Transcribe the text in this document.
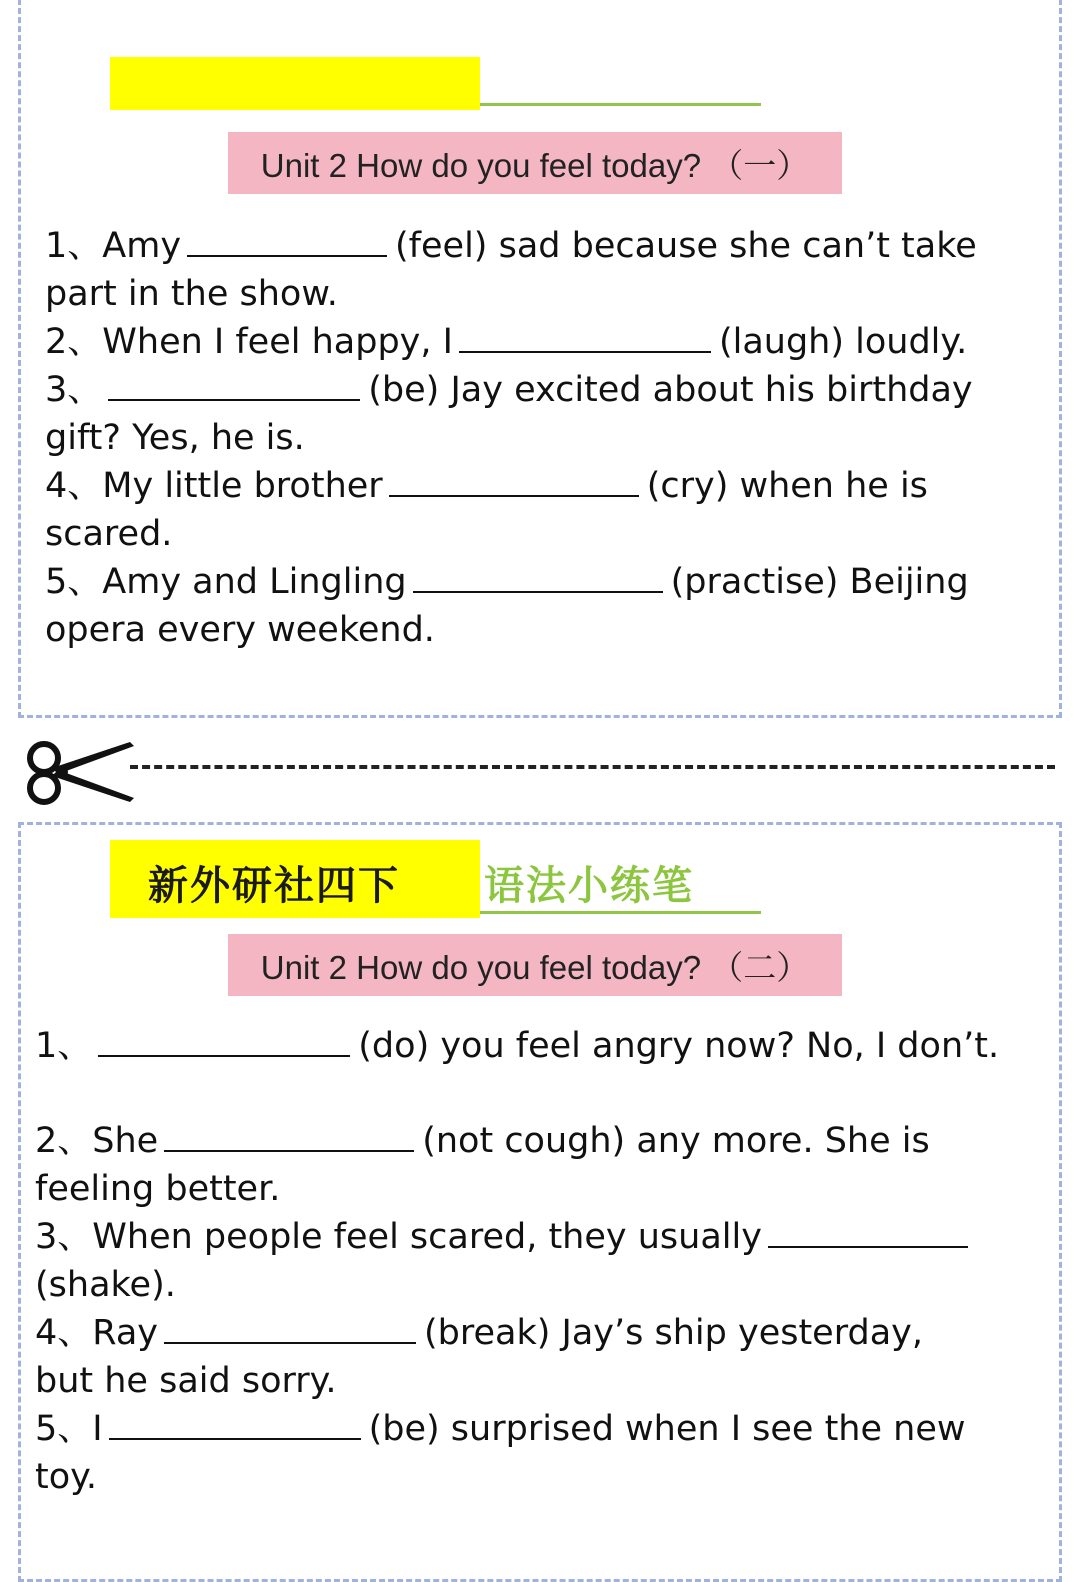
Unit 2 How do you feel today? （一）
1、Amy	(feel) sad because she can’t take
part in the show.
2、When I feel happy, I	(laugh) loudly.
3、	(be) Jay excited about his birthday
gift? Yes, he is.
4、My little brother	(cry) when he is
scared.
5、Amy and Lingling	(practise) Beijing
opera every weekend.
新外研社四下 语法小练笔
Unit 2 How do you feel today? （二）
1、	(do) you feel angry now? No, I don’t.
2、She	(not cough) any more. She is
feeling better.
3、When people feel scared, they usually
(shake).
4、Ray	(break) Jay’s ship yesterday,
but he said sorry.
5、I	(be) surprised when I see the new
toy.
